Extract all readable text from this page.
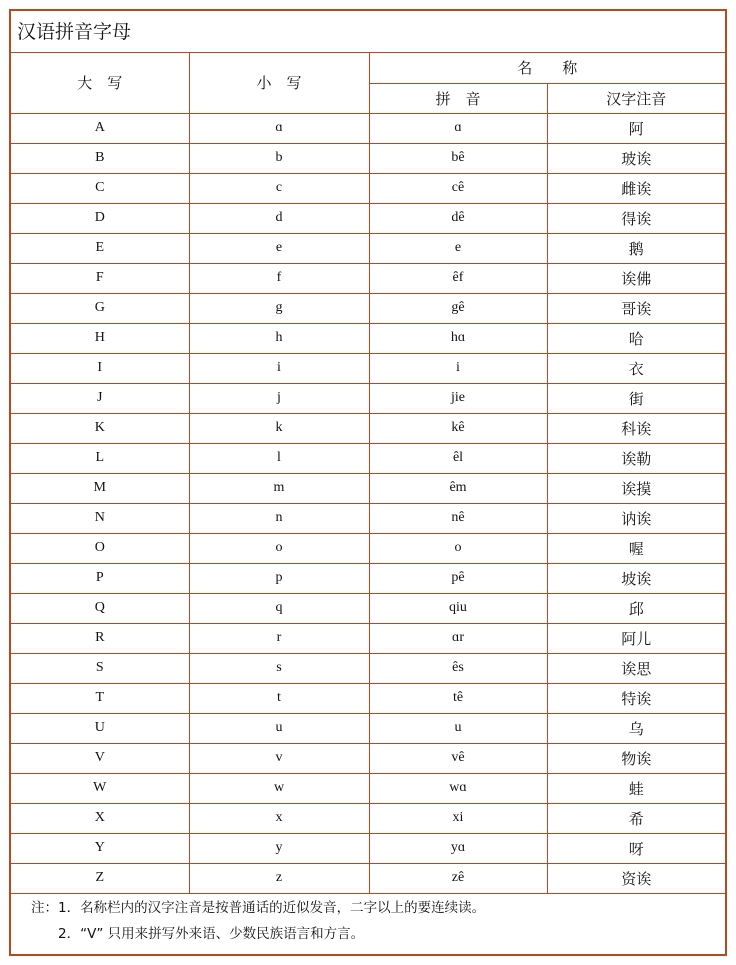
汉语拼音字母
大　写	小　写	名　　称	
		拼　音	汉字注音
A	ɑ	ɑ	阿
B	b	bê	玻诶
C	c	cê	雌诶
D	d	dê	得诶
E	e	e	鹅
F	f	êf	诶佛
G	g	gê	哥诶
H	h	hɑ	哈
I	i	i	衣
J	j	jie	街
K	k	kê	科诶
L	l	êl	诶勒
M	m	êm	诶摸
N	n	nê	讷诶
O	o	o	喔
P	p	pê	坡诶
Q	q	qiu	邱
R	r	ɑr	阿儿
S	s	ês	诶思
T	t	tê	特诶
U	u	u	乌
V	v	vê	物诶
W	w	wɑ	蛙
X	x	xi	希
Y	y	yɑ	呀
Z	z	zê	资诶
注：1．名称栏内的汉字注音是按普通话的近似发音，二字以上的要连续读。
2．“V” 只用来拼写外来语、少数民族语言和方言。
